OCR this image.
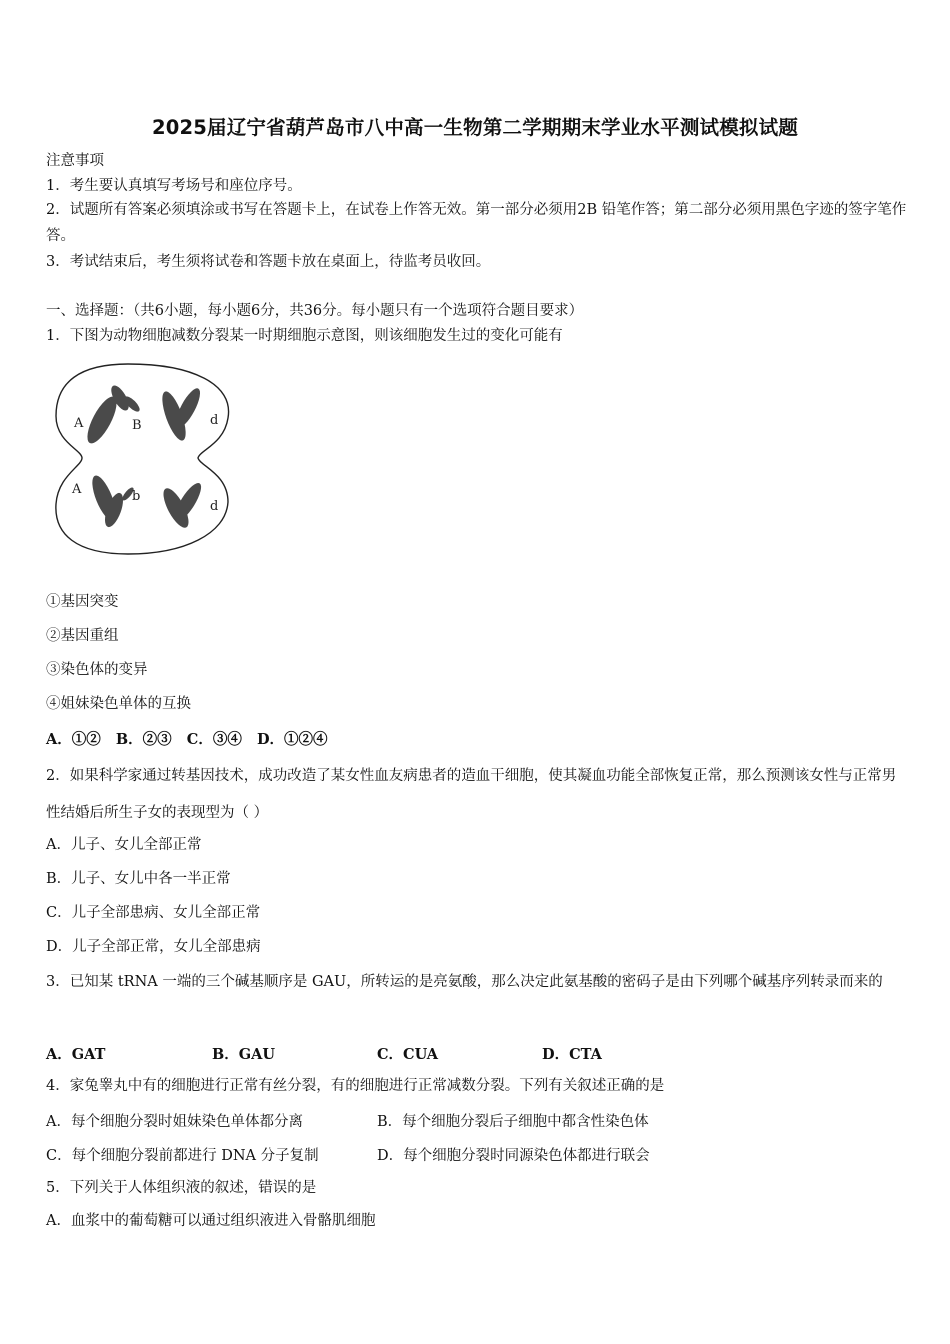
2025届辽宁省葫芦岛市八中高一生物第二学期期末学业水平测试模拟试题
注意事项
1．考生要认真填写考场号和座位序号。
2．试题所有答案必须填涂或书写在答题卡上，在试卷上作答无效。第一部分必须用2B 铅笔作答；第二部分必须用黑色字迹的签字笔作答。
3．考试结束后，考生须将试卷和答题卡放在桌面上，待监考员收回。
一、选择题：（共6小题，每小题6分，共36分。每小题只有一个选项符合题目要求）
1．下图为动物细胞减数分裂某一时期细胞示意图，则该细胞发生过的变化可能有
A	B	d
A	b
d
①基因突变
②基因重组
③染色体的变异
④姐妹染色单体的互换
A．①②   B．②③   C．③④   D．①②④
2．如果科学家通过转基因技术，成功改造了某女性血友病患者的造血干细胞，使其凝血功能全部恢复正常，那么预测该女性与正常男性结婚后所生子女的表现型为（ ）
A．儿子、女儿全部正常
B．儿子、女儿中各一半正常
C．儿子全部患病、女儿全部正常
D．儿子全部正常，女儿全部患病
3．已知某 tRNA 一端的三个碱基顺序是 GAU，所转运的是亮氨酸，那么决定此氨基酸的密码子是由下列哪个碱基序列转录而来的
A．GAT	B．GAU	C．CUA	D．CTA
4．家兔睾丸中有的细胞进行正常有丝分裂，有的细胞进行正常减数分裂。下列有关叙述正确的是
A．每个细胞分裂时姐妹染色单体都分离	B．每个细胞分裂后子细胞中都含性染色体
C．每个细胞分裂前都进行 DNA 分子复制	D．每个细胞分裂时同源染色体都进行联会
5．下列关于人体组织液的叙述，错误的是
A．血浆中的葡萄糖可以通过组织液进入骨骼肌细胞
